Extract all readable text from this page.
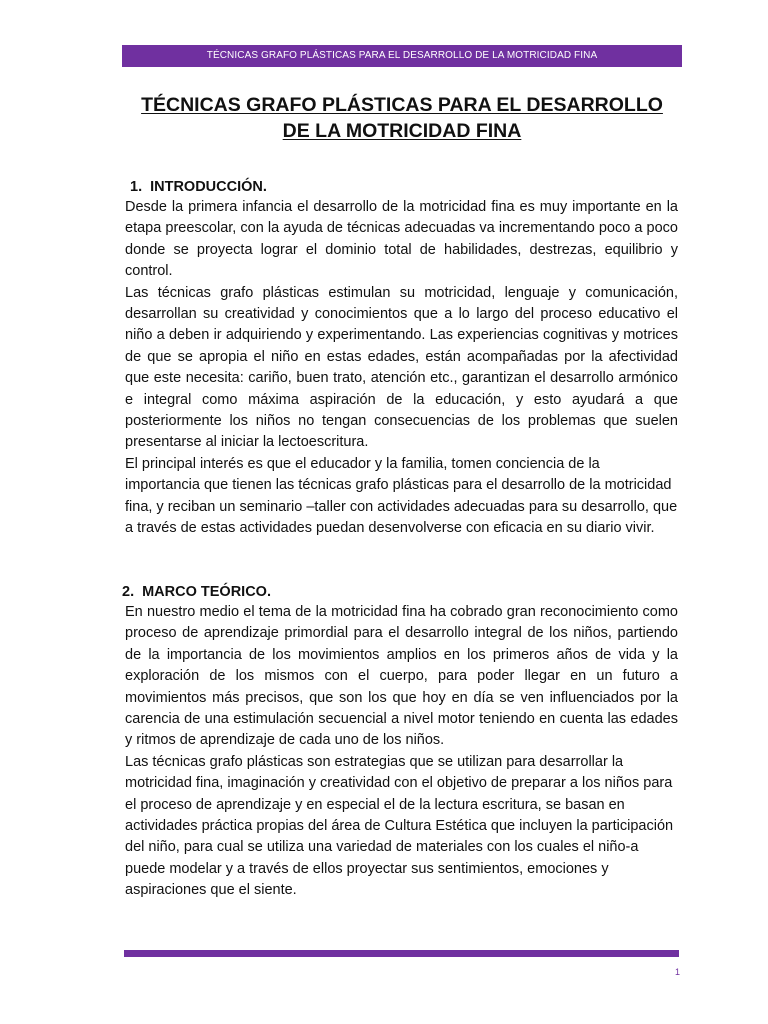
TÉCNICAS GRAFO PLÁSTICAS PARA EL DESARROLLO DE LA MOTRICIDAD FINA
TÉCNICAS GRAFO PLÁSTICAS PARA EL DESARROLLO
DE LA MOTRICIDAD FINA
1. INTRODUCCIÓN.

Desde la primera infancia el desarrollo de la motricidad fina es muy importante en la etapa preescolar, con la ayuda de técnicas adecuadas va incrementando poco a poco donde se proyecta lograr el dominio total de habilidades, destrezas, equilibrio y control.

Las técnicas grafo plásticas estimulan su motricidad, lenguaje y comunicación, desarrollan su creatividad y conocimientos que a lo largo del proceso educativo el niño a deben ir adquiriendo y experimentando. Las experiencias cognitivas y motrices de que se apropia el niño en estas edades, están acompañadas por la afectividad que este necesita: cariño, buen trato, atención etc., garantizan el desarrollo armónico e integral como máxima aspiración de la educación, y esto ayudará a que posteriormente los niños no tengan consecuencias de los problemas que suelen presentarse al iniciar la lectoescritura.

El principal interés es que el educador y la familia, tomen conciencia de la importancia que tienen las técnicas grafo plásticas para el desarrollo de la motricidad fina, y reciban un seminario –taller con actividades adecuadas para su desarrollo, que a través de estas actividades puedan desenvolverse con eficacia en su diario vivir.

2. MARCO TEÓRICO.

En nuestro medio el tema de la motricidad fina ha cobrado gran reconocimiento como proceso de aprendizaje primordial para el desarrollo integral de los niños, partiendo de la importancia de los movimientos amplios en los primeros años de vida y la exploración de los mismos con el cuerpo, para poder llegar en un futuro a movimientos más precisos, que son los que hoy en día se ven influenciados por la carencia de una estimulación secuencial a nivel motor teniendo en cuenta las edades y ritmos de aprendizaje de cada uno de los niños.

Las técnicas grafo plásticas son estrategias que se utilizan para desarrollar la motricidad fina, imaginación y creatividad con el objetivo de preparar a los niños para el proceso de aprendizaje y en especial el de la lectura escritura, se basan en actividades práctica propias del área de Cultura Estética que incluyen la participación del niño, para cual se utiliza una variedad de materiales con los cuales el niño-a puede modelar y a través de ellos proyectar sus sentimientos, emociones y aspiraciones que el siente.

1
